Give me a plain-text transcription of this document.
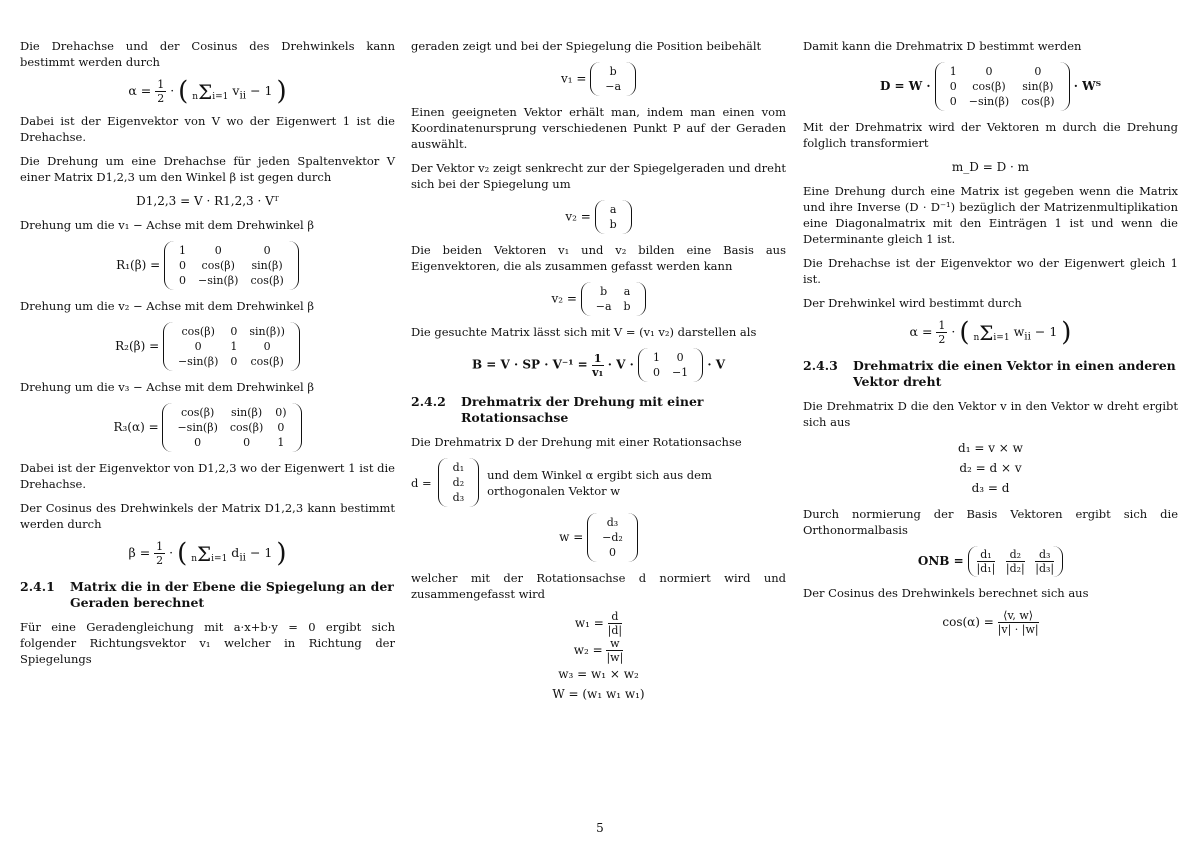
Die Drehachse und der Cosinus des Drehwinkels kann bestimmt werden durch

$\alpha = \frac{1}{2}$ · ( nΣi=1 $v_{ii} - 1$ )

Dabei ist der Eigenvektor von V wo der Eigenwert 1 ist die Drehachse.

Die Drehung um eine Drehachse für jeden Spaltenvektor V einer Matrix D1,2,3 um den Winkel β ist gegen durch

D1,2,3 = V · R1,2,3 · Vᵀ

Drehung um die v₁ − Achse mit dem Drehwinkel β

R₁(β) =
1	0	0
0	cos(β)	sin(β)
0	−sin(β)	cos(β)

Drehung um die v₂ − Achse mit dem Drehwinkel β

R₂(β) =
cos(β)	0	sin(β))
0	1	0
−sin(β)	0	cos(β)

Drehung um die v₃ − Achse mit dem Drehwinkel β

R₃(α) =
cos(β)	sin(β)	0)
−sin(β)	cos(β)	0
0	0	1

Dabei ist der Eigenvektor von D1,2,3 wo der Eigenwert 1 ist die Drehachse.

Der Cosinus des Drehwinkels der Matrix D1,2,3 kann bestimmt werden durch

$\beta = \frac{1}{2}$ · ( nΣi=1 $d_{ii} - 1$ )
2.4.1	Matrix die in der Ebene die Spiegelung an der Geraden berechnet

Für eine Geradengleichung mit a·x+b·y = 0 ergibt sich folgender Richtungsvektor v₁ welcher in Richtung der Spiegelungs

geraden zeigt und bei der Spiegelung die Position beibehält

v₁ = b
−a

Einen geeigneten Vektor erhält man, indem man einen vom Koordinatenursprung verschiedenen Punkt P auf der Geraden auswählt.

Der Vektor v₂ zeigt senkrecht zur der Spiegelgeraden und dreht sich bei der Spiegelung um

v₂ = a
b

Die beiden Vektoren v₁ und v₂ bilden eine Basis aus Eigenvektoren, die als zusammen gefasst werden kann

v₂ = b	a
−a	b

Die gesuchte Matrix lässt sich mit V = (v₁ v₂) darstellen als

B = V · SP · $V^{-1} = \frac{1}{\text{v₁}} \cdot V \cdot 1$	0
0	−1
· V
2.4.2	Drehmatrix der Drehung mit einer Rotationsachse

Die Drehmatrix D der Drehung mit einer Rotationsachse

d =
d₁
d₂
d₃
und dem Winkel α ergibt sich aus dem orthogonalen Vektor w
w =
d₃
−d₂
0

welcher mit der Rotationsachse d normiert wird und zusammengefasst wird

$w_1 = \frac{d}{|d|}$
$w_2 = \frac{w}{|w|}$
w₃ = w₁ × w₂
W = (w₁ w₁ w₁)

Damit kann die Drehmatrix D bestimmt werden

D = W ·
1	0	0
0	cos(β)	sin(β)
0	−sin(β)	cos(β)
· Wᵀ

Mit der Drehmatrix wird der Vektoren m durch die Drehung folglich transformiert

m_D = D · m

Eine Drehung durch eine Matrix ist gegeben wenn die Matrix und ihre Inverse (D · D⁻¹) bezüglich der Matrizenmultiplikation eine Diagonalmatrix mit den Einträgen 1 ist und wenn die Determinante gleich 1 ist.

Die Drehachse ist der Eigenvektor wo der Eigenwert gleich 1 ist.

Der Drehwinkel wird bestimmt durch

$\alpha = \frac{1}{2}$ · ( nΣi=1 $w_{ii} - 1$ )
2.4.3	Drehmatrix die einen Vektor in einen anderen Vektor dreht

Die Drehmatrix D die den Vektor v in den Vektor w dreht ergibt sich aus

d₁ = v × w
d₂ = d × v
d₃ = d

Durch normierung der Basis Vektoren ergibt sich die Orthonormalbasis

ONB = $\frac{\text{d₁}}{\text{|d₁|}}$
$\frac{\text{d₂}}{\text{|d₂|}}$
$\frac{\text{d₃}}{\text{|d₃|}}$

Der Cosinus des Drehwinkels berechnet sich aus

$\cos(\alpha) = \frac{⟨v, w⟩}{|v| \cdot |w|}$
5
